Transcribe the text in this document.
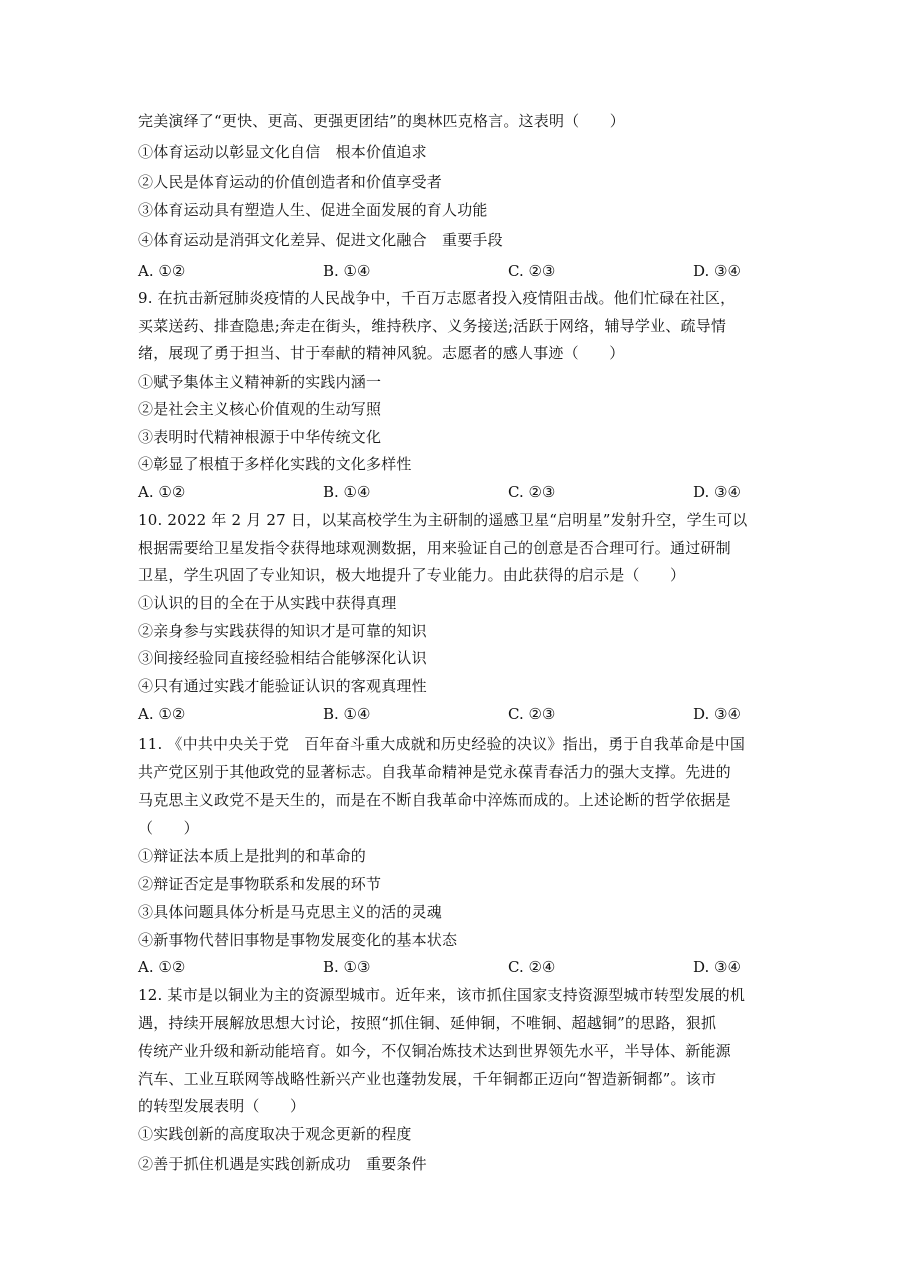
完美演绎了“更快、更高、更强更团结”的奥林匹克格言。这表明（　　）
①体育运动以彰显文化自信　根本价值追求
②人民是体育运动的价值创造者和价值享受者
③体育运动具有塑造人生、促进全面发展的育人功能
④体育运动是消弭文化差异、促进文化融合　重要手段
A. ①②	B. ①④	C. ②③	D. ③④
9. 在抗击新冠肺炎疫情的人民战争中，千百万志愿者投入疫情阻击战。他们忙碌在社区，
买菜送药、排查隐患;奔走在街头，维持秩序、义务接送;活跃于网络，辅导学业、疏导情
绪，展现了勇于担当、甘于奉献的精神风貌。志愿者的感人事迹（　　）
①赋予集体主义精神新的实践内涵一
②是社会主义核心价值观的生动写照
③表明时代精神根源于中华传统文化
④彰显了根植于多样化实践的文化多样性
A. ①②	B. ①④	C. ②③	D. ③④
10. 2022 年 2 月 27 日，以某高校学生为主研制的遥感卫星“启明星”发射升空，学生可以
根据需要给卫星发指令获得地球观测数据，用来验证自己的创意是否合理可行。通过研制
卫星，学生巩固了专业知识，极大地提升了专业能力。由此获得的启示是（　　）
①认识的目的全在于从实践中获得真理
②亲身参与实践获得的知识才是可靠的知识
③间接经验同直接经验相结合能够深化认识
④只有通过实践才能验证认识的客观真理性
A. ①②	B. ①④	C. ②③	D. ③④
11. 《中共中央关于党　百年奋斗重大成就和历史经验的决议》指出，勇于自我革命是中国
共产党区别于其他政党的显著标志。自我革命精神是党永葆青春活力的强大支撑。先进的
马克思主义政党不是天生的，而是在不断自我革命中淬炼而成的。上述论断的哲学依据是
（　　）
①辩证法本质上是批判的和革命的
②辩证否定是事物联系和发展的环节
③具体问题具体分析是马克思主义的活的灵魂
④新事物代替旧事物是事物发展变化的基本状态
A. ①②	B. ①③	C. ②④	D. ③④
12. 某市是以铜业为主的资源型城市。近年来，该市抓住国家支持资源型城市转型发展的机
遇，持续开展解放思想大讨论，按照“抓住铜、延伸铜，不唯铜、超越铜”的思路，狠抓
传统产业升级和新动能培育。如今，不仅铜冶炼技术达到世界领先水平，半导体、新能源
汽车、工业互联网等战略性新兴产业也蓬勃发展，千年铜都正迈向“智造新铜都”。该市
的转型发展表明（　　）
①实践创新的高度取决于观念更新的程度
②善于抓住机遇是实践创新成功　重要条件
